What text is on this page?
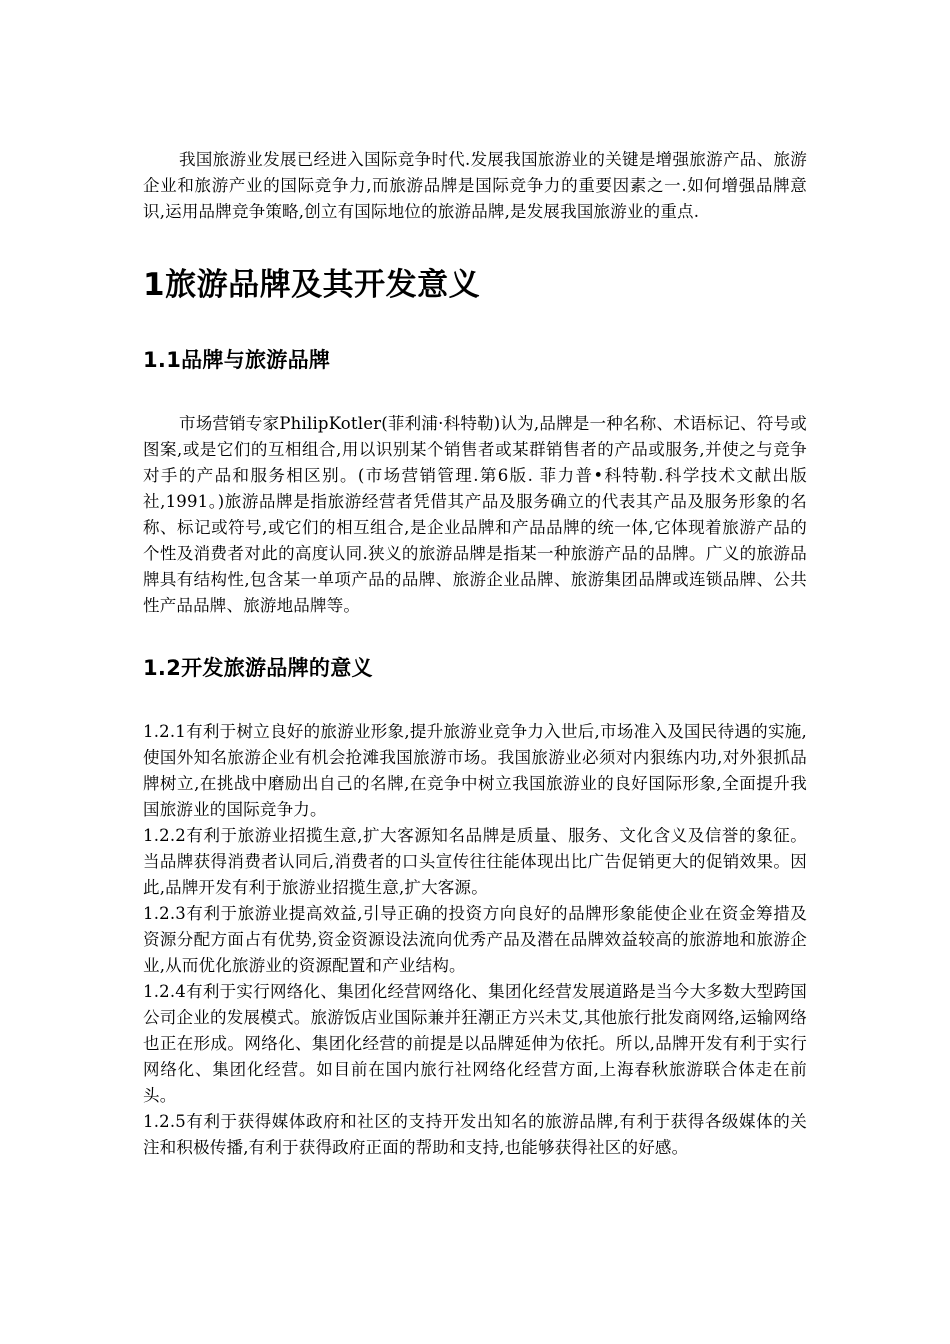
我国旅游业发展已经进入国际竞争时代.发展我国旅游业的关键是增强旅游产品、旅游企业和旅游产业的国际竞争力,而旅游品牌是国际竞争力的重要因素之一.如何增强品牌意识,运用品牌竞争策略,创立有国际地位的旅游品牌,是发展我国旅游业的重点.

1旅游品牌及其开发意义
1.1品牌与旅游品牌

市场营销专家PhilipKotler(菲利浦·科特勒)认为,品牌是一种名称、术语标记、符号或图案,或是它们的互相组合,用以识别某个销售者或某群销售者的产品或服务,并使之与竞争对手的产品和服务相区别。(市场营销管理.第6版. 菲力普•科特勒.科学技术文献出版社,1991。)旅游品牌是指旅游经营者凭借其产品及服务确立的代表其产品及服务形象的名称、标记或符号,或它们的相互组合,是企业品牌和产品品牌的统一体,它体现着旅游产品的个性及消费者对此的高度认同.狭义的旅游品牌是指某一种旅游产品的品牌。广义的旅游品牌具有结构性,包含某一单项产品的品牌、旅游企业品牌、旅游集团品牌或连锁品牌、公共性产品品牌、旅游地品牌等。

1.2开发旅游品牌的意义

1.2.1有利于树立良好的旅游业形象,提升旅游业竞争力入世后,市场准入及国民待遇的实施,使国外知名旅游企业有机会抢滩我国旅游市场。我国旅游业必须对内狠练内功,对外狠抓品牌树立,在挑战中磨励出自己的名牌,在竞争中树立我国旅游业的良好国际形象,全面提升我国旅游业的国际竞争力。

1.2.2有利于旅游业招揽生意,扩大客源知名品牌是质量、服务、文化含义及信誉的象征。当品牌获得消费者认同后,消费者的口头宣传往往能体现出比广告促销更大的促销效果。因此,品牌开发有利于旅游业招揽生意,扩大客源。

1.2.3有利于旅游业提高效益,引导正确的投资方向良好的品牌形象能使企业在资金筹措及资源分配方面占有优势,资金资源设法流向优秀产品及潜在品牌效益较高的旅游地和旅游企业,从而优化旅游业的资源配置和产业结构。

1.2.4有利于实行网络化、集团化经营网络化、集团化经营发展道路是当今大多数大型跨国公司企业的发展模式。旅游饭店业国际兼并狂潮正方兴未艾,其他旅行批发商网络,运输网络也正在形成。网络化、集团化经营的前提是以品牌延伸为依托。所以,品牌开发有利于实行网络化、集团化经营。如目前在国内旅行社网络化经营方面,上海春秋旅游联合体走在前头。

1.2.5有利于获得媒体政府和社区的支持开发出知名的旅游品牌,有利于获得各级媒体的关注和积极传播,有利于获得政府正面的帮助和支持,也能够获得社区的好感。
